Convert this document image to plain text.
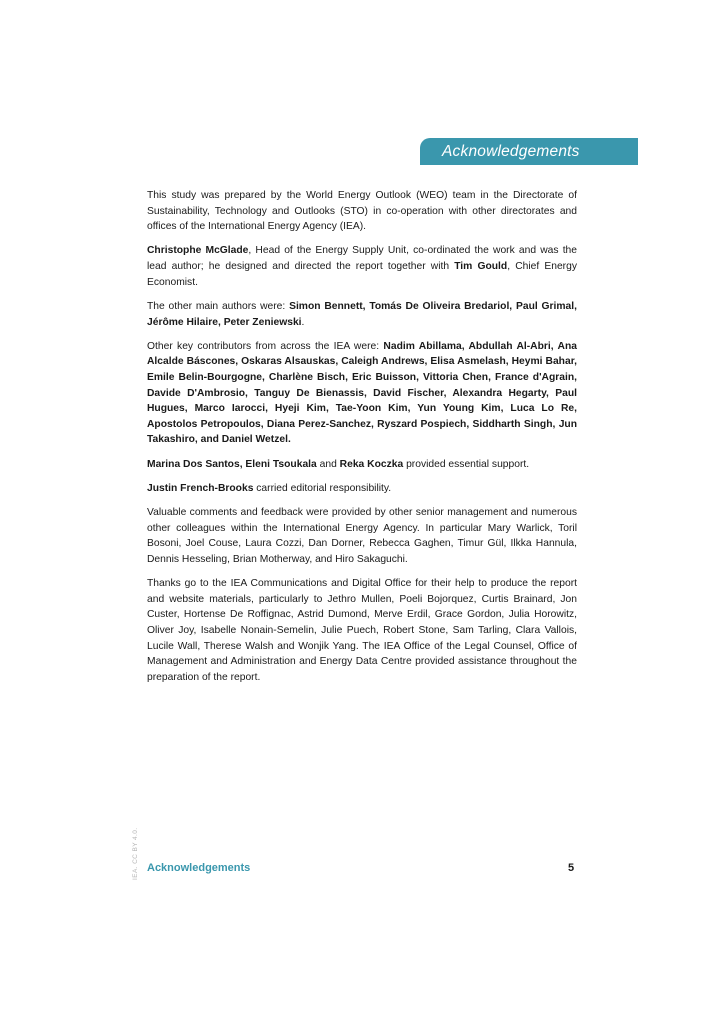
Acknowledgements

This study was prepared by the World Energy Outlook (WEO) team in the Directorate of Sustainability, Technology and Outlooks (STO) in co-operation with other directorates and offices of the International Energy Agency (IEA).

Christophe McGlade, Head of the Energy Supply Unit, co-ordinated the work and was the lead author; he designed and directed the report together with Tim Gould, Chief Energy Economist.

The other main authors were: Simon Bennett, Tomás De Oliveira Bredariol, Paul Grimal, Jérôme Hilaire, Peter Zeniewski.

Other key contributors from across the IEA were: Nadim Abillama, Abdullah Al-Abri, Ana Alcalde Báscones, Oskaras Alsauskas, Caleigh Andrews, Elisa Asmelash, Heymi Bahar, Emile Belin-Bourgogne, Charlène Bisch, Eric Buisson, Vittoria Chen, France d'Agrain, Davide D'Ambrosio, Tanguy De Bienassis, David Fischer, Alexandra Hegarty, Paul Hugues, Marco Iarocci, Hyeji Kim, Tae-Yoon Kim, Yun Young Kim, Luca Lo Re, Apostolos Petropoulos, Diana Perez-Sanchez, Ryszard Pospiech, Siddharth Singh, Jun Takashiro, and Daniel Wetzel.

Marina Dos Santos, Eleni Tsoukala and Reka Koczka provided essential support.

Justin French-Brooks carried editorial responsibility.

Valuable comments and feedback were provided by other senior management and numerous other colleagues within the International Energy Agency. In particular Mary Warlick, Toril Bosoni, Joel Couse, Laura Cozzi, Dan Dorner, Rebecca Gaghen, Timur Gül, Ilkka Hannula, Dennis Hesseling, Brian Motherway, and Hiro Sakaguchi.

Thanks go to the IEA Communications and Digital Office for their help to produce the report and website materials, particularly to Jethro Mullen, Poeli Bojorquez, Curtis Brainard, Jon Custer, Hortense De Roffignac, Astrid Dumond, Merve Erdil, Grace Gordon, Julia Horowitz, Oliver Joy, Isabelle Nonain-Semelin, Julie Puech, Robert Stone, Sam Tarling, Clara Vallois, Lucile Wall, Therese Walsh and Wonjik Yang. The IEA Office of the Legal Counsel, Office of Management and Administration and Energy Data Centre provided assistance throughout the preparation of the report.

IEA. CC BY 4.0. Acknowledgements	5
